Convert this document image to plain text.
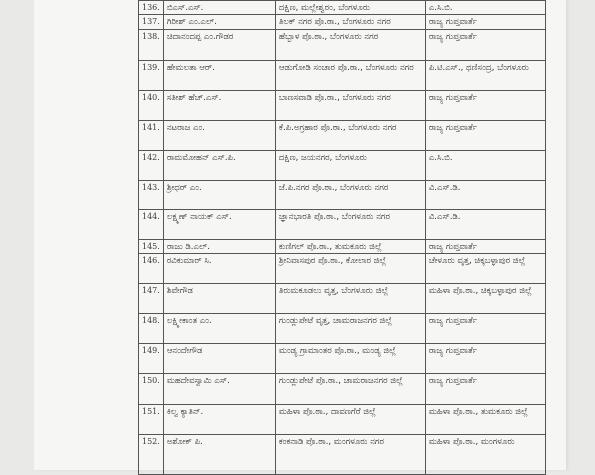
136.	ಬಿಎಸ್.ಎಸ್.	ದಕ್ಷಿಣ, ಮಲ್ಲೇಶ್ವರಂ, ಬೆಂಗಳೂರು	ಎ.ಸಿ.ಬಿ.
137.	ಗಿರೀಶ್ ಎಂ.ಎಲ್.	ತಿಲಕ್ ನಗರ ಪೊ.ಠಾ., ಬೆಂಗಳೂರು ನಗರ	ರಾಜ್ಯ ಗುಪ್ತವಾರ್ತೆ
138.	ಚಿದಾನಂದಪ್ಪ ಎಂ.ಗೌಡರ	ಹೆಬ್ಬಾಳ ಪೊ.ಠಾ., ಬೆಂಗಳೂರು ನಗರ	ರಾಜ್ಯ ಗುಪ್ತವಾರ್ತೆ
139.	ಹೇಮಲತಾ ಆರ್.	ಆಡುಗೋಡಿ ಸಂಚಾರ ಪೊ.ಠಾ., ಬೆಂಗಳೂರು ನಗರ	ಪಿ.ಟಿ.ಎಸ್., ಥಣಿಸಂದ್ರ, ಬೆಂಗಳೂರು
140.	ಸತೀಶ್ ಹೆಚ್.ಎಸ್.	ಬಾಣಸವಾಡಿ ಪೊ.ಠಾ., ಬೆಂಗಳೂರು ನಗರ	ರಾಜ್ಯ ಗುಪ್ತವಾರ್ತೆ
141.	ನಟರಾಜ ಎಂ.	ಕೆ.ಪಿ.ಅಗ್ರಹಾರ ಪೊ.ಠಾ., ಬೆಂಗಳೂರು ನಗರ	ರಾಜ್ಯ ಗುಪ್ತವಾರ್ತೆ
142.	ರಾಮಮೋಹನ್ ಎಸ್.ಪಿ.	ದಕ್ಷಿಣ, ಜಯನಗರ, ಬೆಂಗಳೂರು	ಎ.ಸಿ.ಬಿ.
143.	ಶ್ರೀಧರ್ ಎಂ.	ಜೆ.ಪಿ.ನಗರ ಪೊ.ಠಾ., ಬೆಂಗಳೂರು ನಗರ	ವಿ.ಎಸ್.ಡಿ.
144.	ಲಕ್ಷ್ಮಣ್ ನಾಯಕ್ ಎಸ್.	ಜ್ಞಾನಭಾರತಿ ಪೊ.ಠಾ., ಬೆಂಗಳೂರು ನಗರ	ವಿ.ಎಸ್.ಡಿ.
145.	ರಾಜು ಡಿ.ಎಲ್.	ಕುಣಿಗಲ್ ಪೊ.ಠಾ., ತುಮಕೂರು ಜಿಲ್ಲೆ	ರಾಜ್ಯ ಗುಪ್ತವಾರ್ತೆ
146.	ರವಿಕುಮಾರ್ ಸಿ.	ಶ್ರೀನಿವಾಸಪುರ ಪೊ.ಠಾ., ಕೋಲಾರ ಜಿಲ್ಲೆ	ಚೇಳೂರು ವೃತ್ತ, ಚಿಕ್ಕಬಳ್ಳಾಪುರ ಜಿಲ್ಲೆ
147.	ಶಿವೇಗೌಡ	ತಿರುಮಕೂಡಲು ವೃತ್ತ, ಬೆಂಗಳೂರು ಜಿಲ್ಲೆ	ಮಹಿಳಾ ಪೊ.ಠಾ., ಚಿಕ್ಕಬಳ್ಳಾಪುರ ಜಿಲ್ಲೆ
148.	ಲಕ್ಷ್ಮೀಕಾಂತ ಎಂ.	ಗುಂಡ್ಲುಪೇಟೆ ವೃತ್ತ, ಚಾಮರಾಜನಗರ ಜಿಲ್ಲೆ	ರಾಜ್ಯ ಗುಪ್ತವಾರ್ತೆ
149.	ಆನಂದೇಗೌಡ	ಮಂಡ್ಯ ಗ್ರಾಮಾಂತರ ಪೊ.ಠಾ., ಮಂಡ್ಯ ಜಿಲ್ಲೆ	ರಾಜ್ಯ ಗುಪ್ತವಾರ್ತೆ
150.	ಮಹದೇವಸ್ವಾಮಿ ಎಸ್.	ಗುಂಡ್ಲುಪೇಟೆ ಪೊ.ಠಾ., ಚಾಮರಾಜನಗರ ಜಿಲ್ಲೆ	ರಾಜ್ಯ ಗುಪ್ತವಾರ್ತೆ
151.	ಕಿಲ್ವ ಕ್ಯಾತಿನ್.	ಮಹಿಳಾ ಪೊ.ಠಾ., ದಾವಣಗೆರೆ ಜಿಲ್ಲೆ	ಮಹಿಳಾ ಪೊ.ಠಾ., ತುಮಕೂರು ಜಿಲ್ಲೆ
152.	ಅಶೋಕ್ ಪಿ.	ಕಂಕನಾಡಿ ಪೊ.ಠಾ., ಮಂಗಳೂರು ನಗರ	ಮಹಿಳಾ ಪೊ.ಠಾ., ಮಂಗಳೂರು
